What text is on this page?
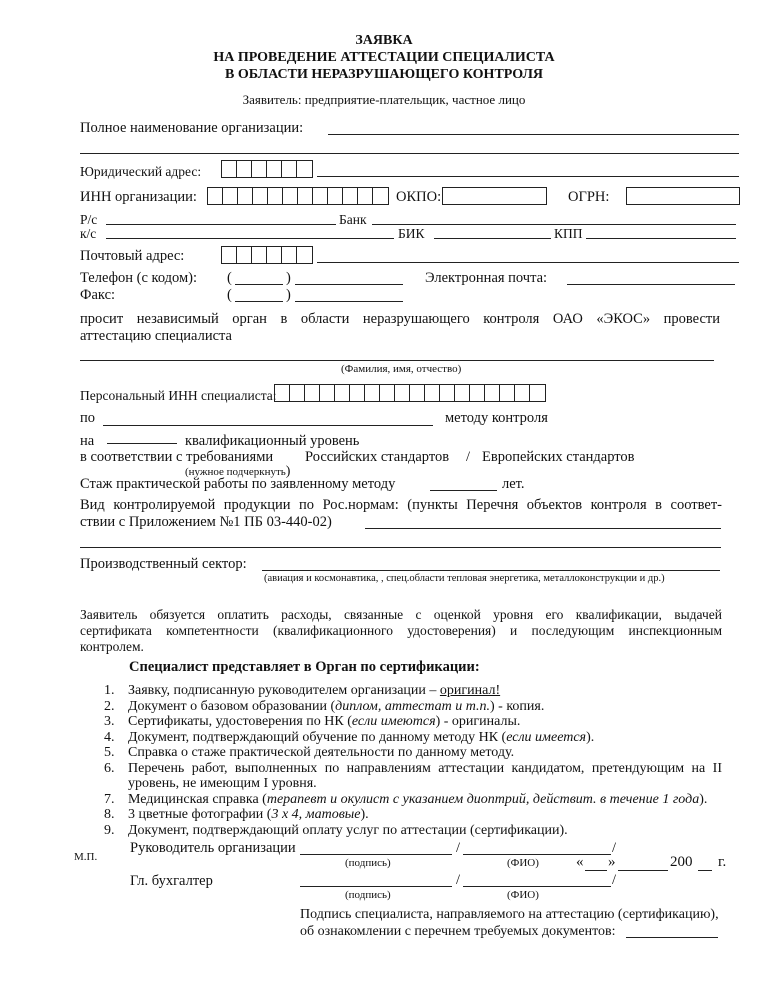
ЗАЯВКА
НА ПРОВЕДЕНИЕ АТТЕСТАЦИИ СПЕЦИАЛИСТА
В ОБЛАСТИ НЕРАЗРУШАЮЩЕГО КОНТРОЛЯ
Заявитель: предприятие-плательщик, частное лицо
Полное наименование организации:
Юридический адрес:
ИНН организации:	ОКПО:	ОГРН:
Р/с	Банк
к/с	БИК	КПП
Почтовый адрес:
Телефон (с кодом): (	)	Электронная почта:
Факс:	(	)
просит независимый орган в области неразрушающего контроля ОАО «ЭКОС» провести
аттестацию специалиста
(Фамилия, имя, отчество)
Персональный ИНН специалиста:
по	методу контроля
на	квалификационный уровень
в соответствии с требованиями Российских стандартов / Европейских стандартов
(нужное подчеркнуть)
Стаж практической работы по заявленному методу	лет.
Вид контролируемой продукции по Рос.нормам: (пункты Перечня объектов контроля в соответ-
ствии с Приложением №1 ПБ 03-440-02)
Производственный сектор:
(авиация и космонавтика, , спец.области тепловая энергетика, металлоконструкции и др.)
Заявитель обязуется оплатить расходы, связанные с оценкой уровня его квалификации, выдачей
сертификата компетентности (квалификационного удостоверения) и последующим инспекционным
контролем.
Специалист представляет в Орган по сертификации:
1. Заявку, подписанную руководителем организации – оригинал!
2. Документ о базовом образовании (диплом, аттестат и т.п.) - копия.
3. Сертификаты, удостоверения по НК (если имеются) - оригиналы.
4. Документ, подтверждающий обучение по данному методу НК (если имеется).
5. Справка о стаже практической деятельности по данному методу.
6. Перечень работ, выполненных по направлениям аттестации кандидатом, претендующим на II
уровень, не имеющим I уровня.
7. Медицинская справка (терапевт и окулист с указанием диоптрий, действит. в течение 1 года).
8. 3 цветные фотографии (3 x 4, матовые).
9. Документ, подтверждающий оплату услуг по аттестации (сертификации).
М.П.
Руководитель организации	/	/
(подпись)	(ФИО) « »	200 г.
Гл. бухгалтер	/	/
(подпись)	(ФИО)
Подпись специалиста, направляемого на аттестацию (сертификацию),
об ознакомлении с перечнем требуемых документов:
